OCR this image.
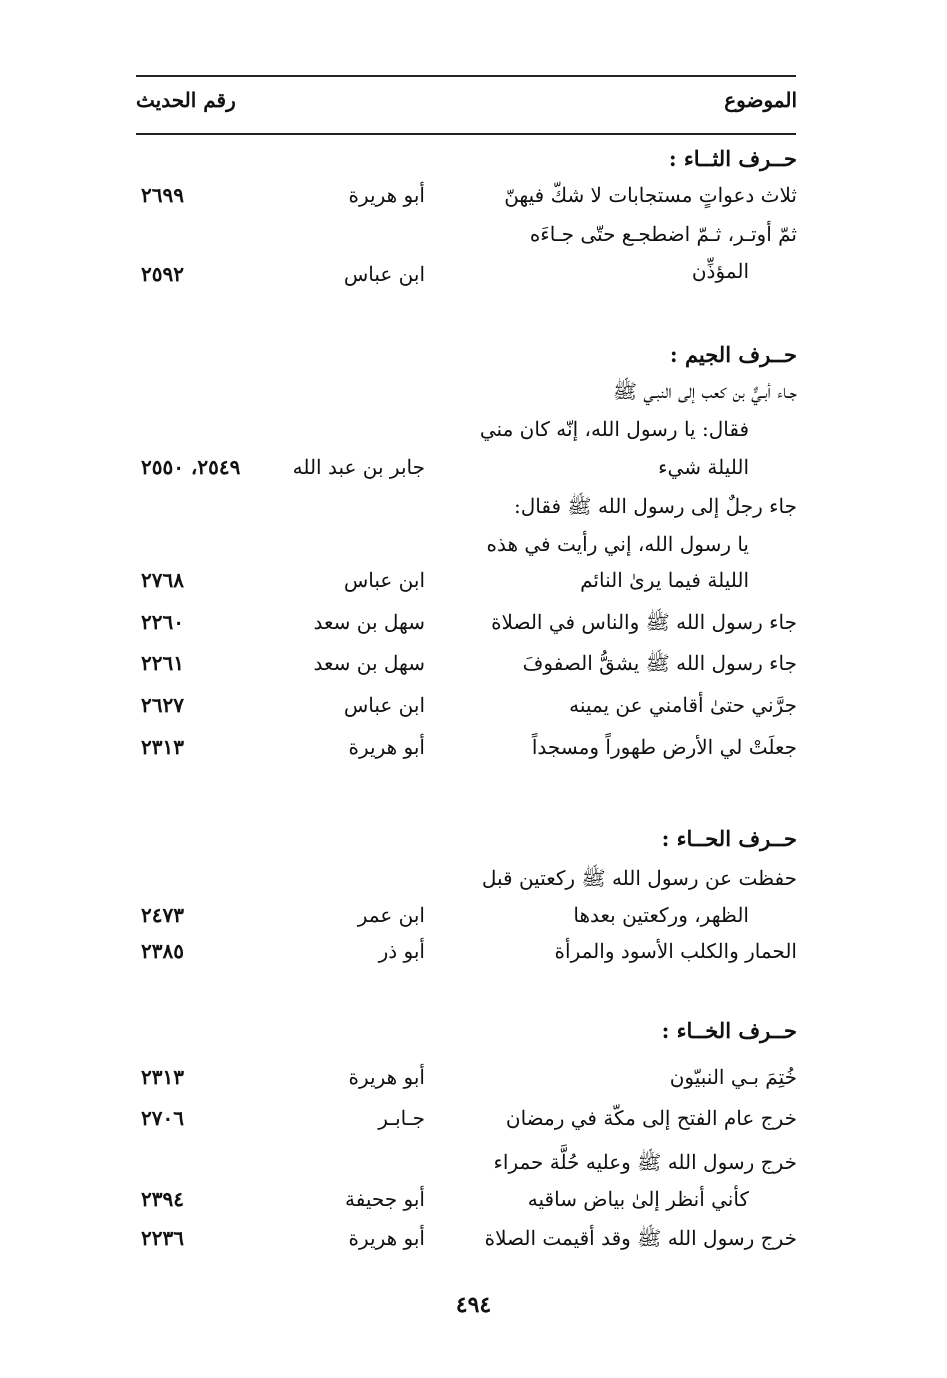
الموضوع
رقم الحديث
حــرف الثــاء :
ثلاث دعواتٍ مستجابات لا شكّ فيهنّ
أبو هريرة
٢٦٩٩
ثمّ أوتـر، ثـمّ اضطجـع حتّى جـاءَه
المؤذِّن
ابن عباس
٢٥٩٢
حــرف الجيم :
جـاء أبـيٌّ بن كعب إلى النبـي ﷺ
فقال: يا رسول الله، إنّه كان مني
الليلة شيء
جابر بن عبد الله
٢٥٤٩، ٢٥٥٠
جاء رجلٌ إلى رسول الله ﷺ فقال:
يا رسول الله، إني رأيت في هذه
الليلة فيما يرىٰ النائم
ابن عباس
٢٧٦٨
جاء رسول الله ﷺ والناس في الصلاة
سهل بن سعد
٢٢٦٠
جاء رسول الله ﷺ يشقُّ الصفوفَ
سهل بن سعد
٢٢٦١
جرَّني حتىٰ أقامني عن يمينه
ابن عباس
٢٦٢٧
جعلَتْ لي الأرض طهوراً ومسجداً
أبو هريرة
٢٣١٣
حــرف الحــاء :
حفظت عن رسول الله ﷺ ركعتين قبل
الظهر، وركعتين بعدها
ابن عمر
٢٤٧٣
الحمار والكلب الأسود والمرأة
أبو ذر
٢٣٨٥
حــرف الخــاء :
خُتِمَ بـي النبيّون
أبو هريرة
٢٣١٣
خرج عام الفتح إلى مكّة في رمضان
جـابـر
٢٧٠٦
خرج رسول الله ﷺ وعليه حُلَّة حمراء
كأني أنظر إلىٰ بياض ساقيه
أبو جحيفة
٢٣٩٤
خرج رسول الله ﷺ وقد أقيمت الصلاة
أبو هريرة
٢٢٣٦
٤٩٤
